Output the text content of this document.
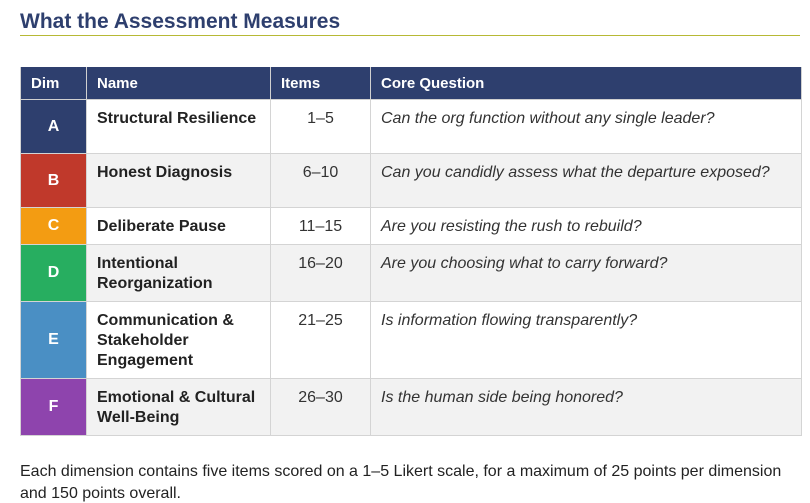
What the Assessment Measures
Dim	Name	Items	Core Question
A	Structural Resilience	1–5	Can the org function without any single leader?
B	Honest Diagnosis	6–10	Can you candidly assess what the departure exposed?
C	Deliberate Pause	11–15	Are you resisting the rush to rebuild?
D	Intentional Reorganization	16–20	Are you choosing what to carry forward?
E	Communication & Stakeholder Engagement	21–25	Is information flowing transparently?
F	Emotional & Cultural Well-Being	26–30	Is the human side being honored?

Each dimension contains five items scored on a 1–5 Likert scale, for a maximum of 25 points per dimension and 150 points overall.
